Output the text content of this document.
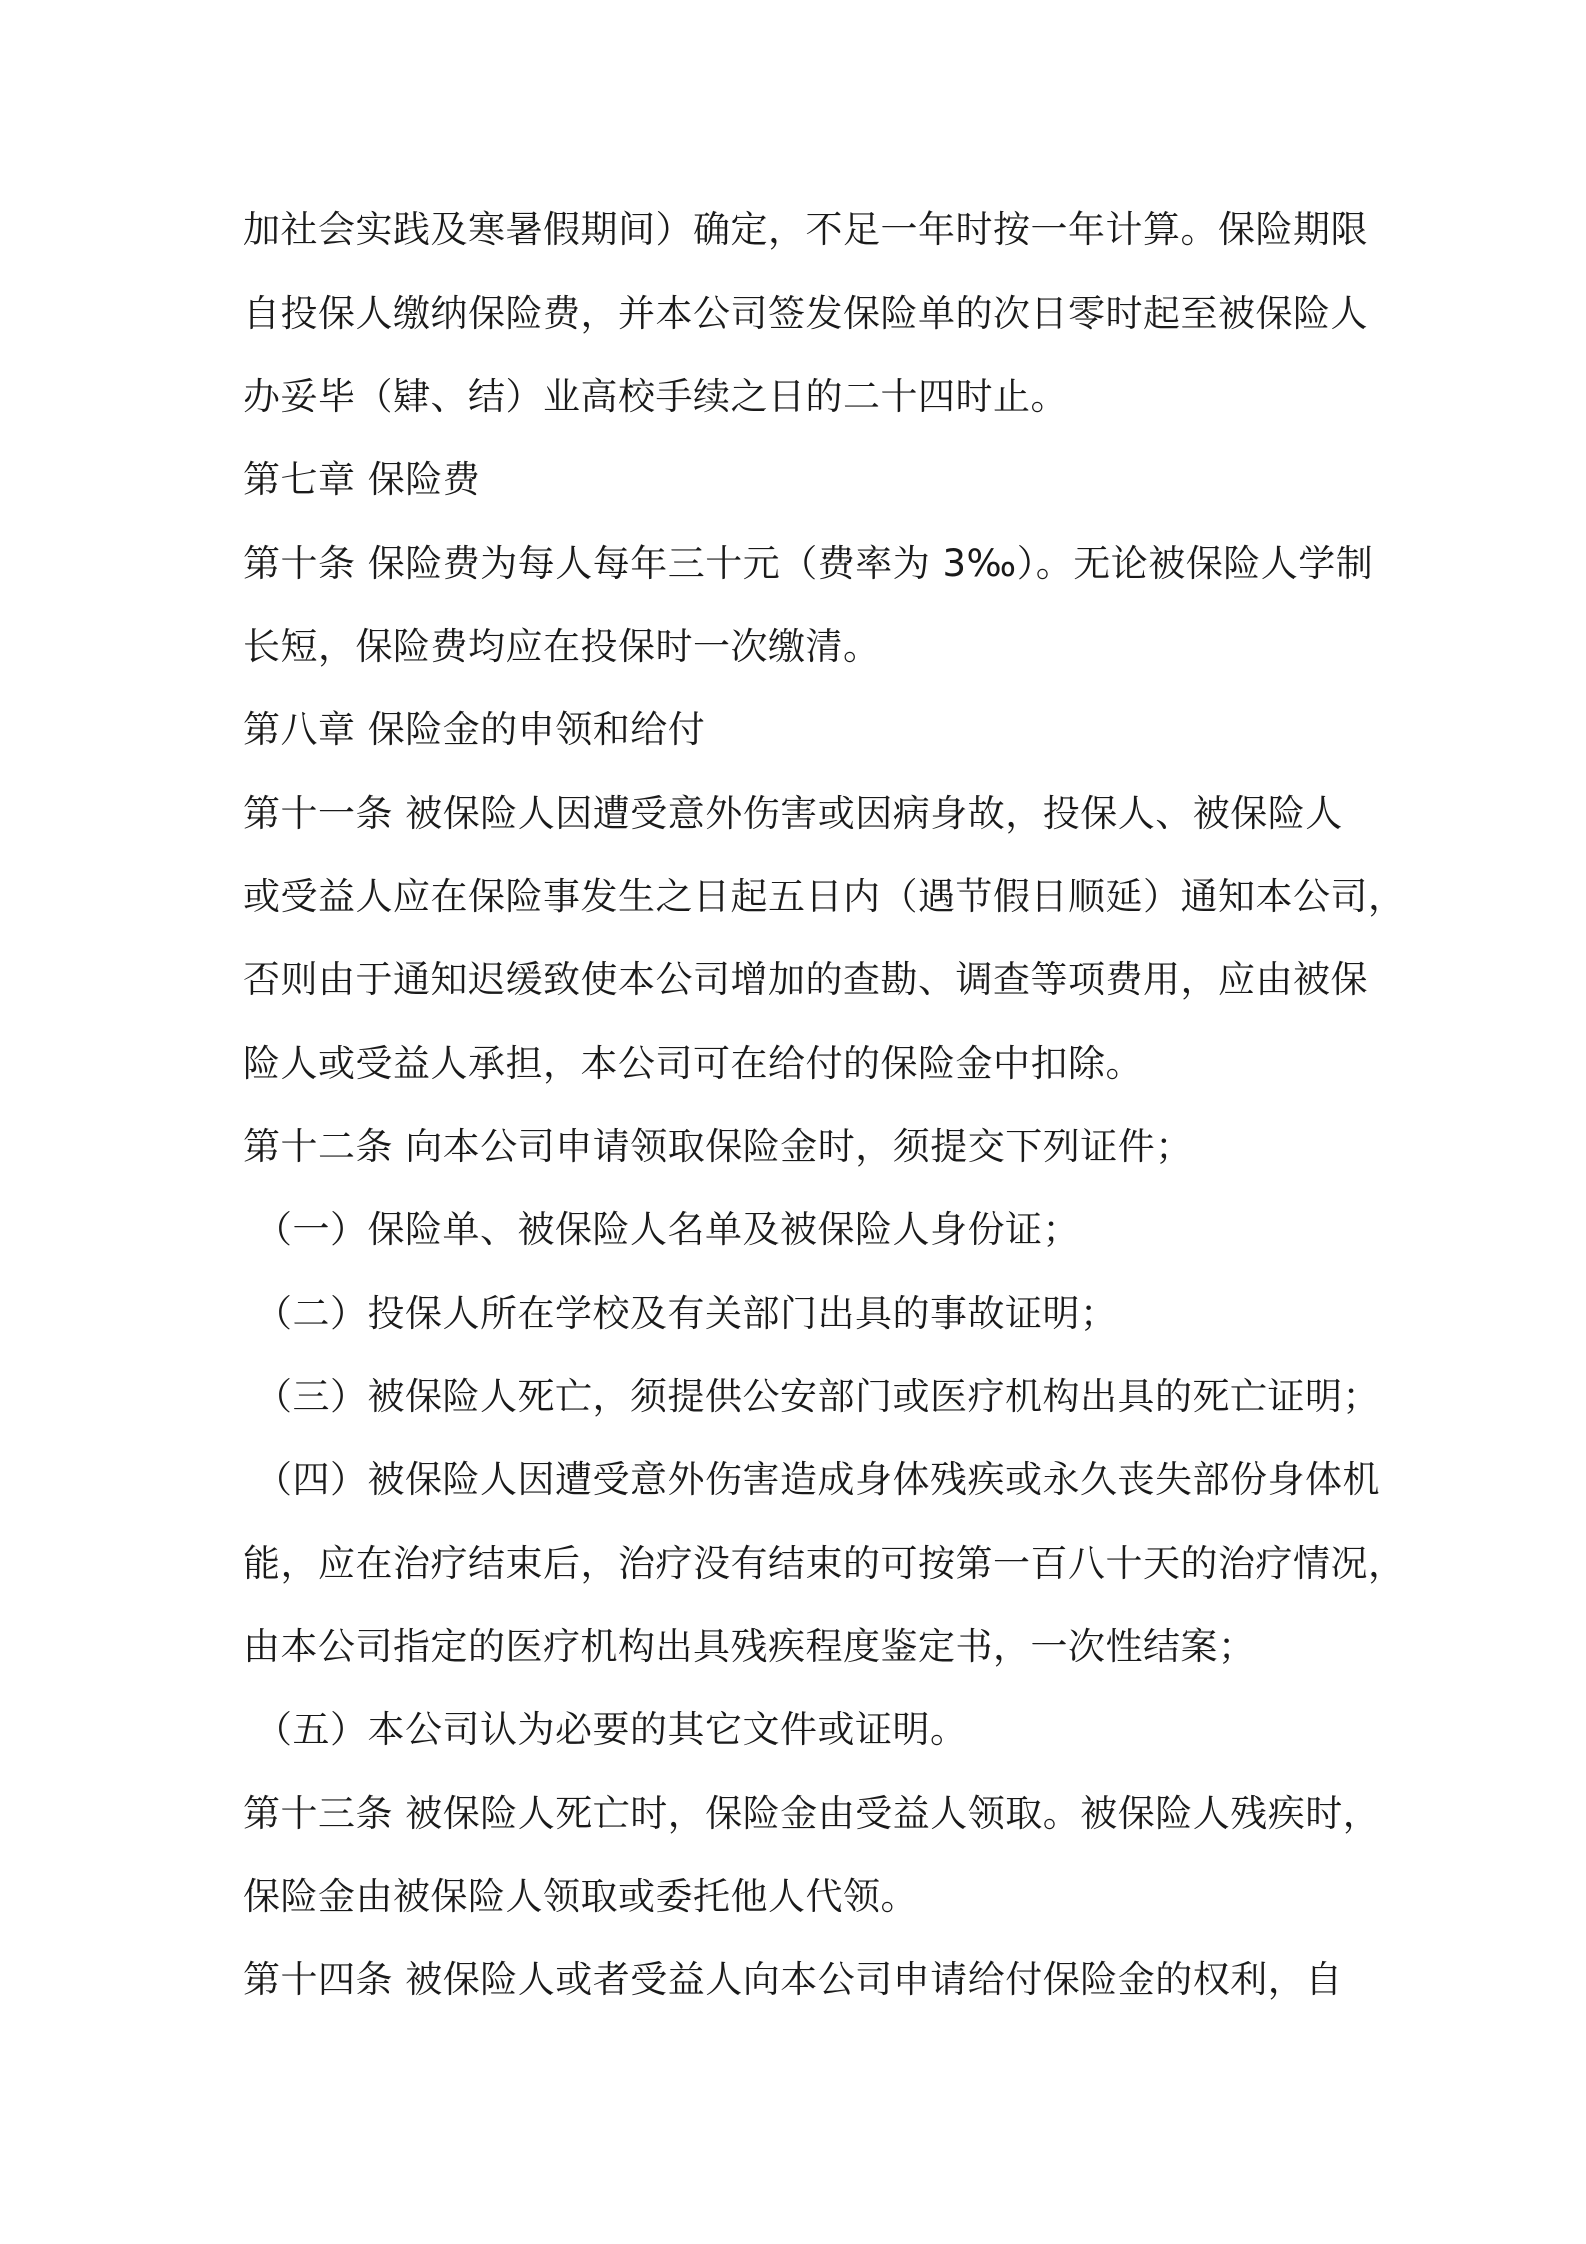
加社会实践及寒暑假期间）确定，不足一年时按一年计算。保险期限
自投保人缴纳保险费，并本公司签发保险单的次日零时起至被保险人
办妥毕（肄、结）业高校手续之日的二十四时止。
第七章 保险费
第十条 保险费为每人每年三十元（费率为 3‰）。无论被保险人学制
长短，保险费均应在投保时一次缴清。
第八章 保险金的申领和给付
第十一条 被保险人因遭受意外伤害或因病身故，投保人、被保险人
或受益人应在保险事发生之日起五日内（遇节假日顺延）通知本公司，
否则由于通知迟缓致使本公司增加的查勘、调查等项费用，应由被保
险人或受益人承担，本公司可在给付的保险金中扣除。
第十二条 向本公司申请领取保险金时，须提交下列证件；
（一）保险单、被保险人名单及被保险人身份证；
（二）投保人所在学校及有关部门出具的事故证明；
（三）被保险人死亡，须提供公安部门或医疗机构出具的死亡证明；
（四）被保险人因遭受意外伤害造成身体残疾或永久丧失部份身体机
能，应在治疗结束后，治疗没有结束的可按第一百八十天的治疗情况，
由本公司指定的医疗机构出具残疾程度鉴定书，一次性结案；
（五）本公司认为必要的其它文件或证明。
第十三条 被保险人死亡时，保险金由受益人领取。被保险人残疾时，
保险金由被保险人领取或委托他人代领。
第十四条 被保险人或者受益人向本公司申请给付保险金的权利，自
